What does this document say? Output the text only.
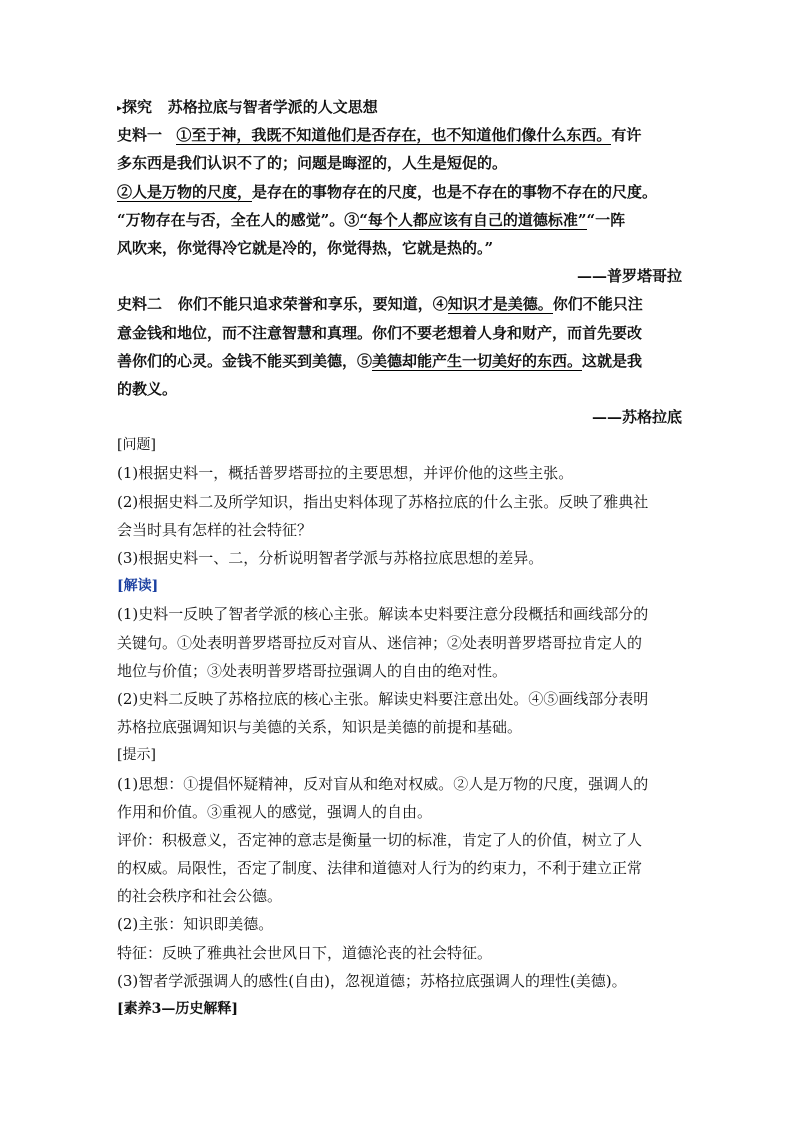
▸探究 苏格拉底与智者学派的人文思想
史料一 ①至于神，我既不知道他们是否存在，也不知道他们像什么东西。有许
多东西是我们认识不了的；问题是晦涩的，人生是短促的。
②人是万物的尺度，是存在的事物存在的尺度，也是不存在的事物不存在的尺度。
“万物存在与否，全在人的感觉”。③“每个人都应该有自己的道德标准”“一阵
风吹来，你觉得冷它就是冷的，你觉得热，它就是热的。”
——普罗塔哥拉
史料二 你们不能只追求荣誉和享乐，要知道，④知识才是美德。你们不能只注
意金钱和地位，而不注意智慧和真理。你们不要老想着人身和财产，而首先要改
善你们的心灵。金钱不能买到美德，⑤美德却能产生一切美好的东西。这就是我
的教义。
——苏格拉底
[问题]
(1)根据史料一，概括普罗塔哥拉的主要思想，并评价他的这些主张。
(2)根据史料二及所学知识，指出史料体现了苏格拉底的什么主张。反映了雅典社
会当时具有怎样的社会特征？
(3)根据史料一、二，分析说明智者学派与苏格拉底思想的差异。
[解读]
(1)史料一反映了智者学派的核心主张。解读本史料要注意分段概括和画线部分的
关键句。①处表明普罗塔哥拉反对盲从、迷信神；②处表明普罗塔哥拉肯定人的
地位与价值；③处表明普罗塔哥拉强调人的自由的绝对性。
(2)史料二反映了苏格拉底的核心主张。解读史料要注意出处。④⑤画线部分表明
苏格拉底强调知识与美德的关系，知识是美德的前提和基础。
[提示]
(1)思想：①提倡怀疑精神，反对盲从和绝对权威。②人是万物的尺度，强调人的
作用和价值。③重视人的感觉，强调人的自由。
评价：积极意义，否定神的意志是衡量一切的标准，肯定了人的价值，树立了人
的权威。局限性，否定了制度、法律和道德对人行为的约束力，不利于建立正常
的社会秩序和社会公德。
(2)主张：知识即美德。
特征：反映了雅典社会世风日下，道德沦丧的社会特征。
(3)智者学派强调人的感性(自由)，忽视道德；苏格拉底强调人的理性(美德)。
[素养3—历史解释]
